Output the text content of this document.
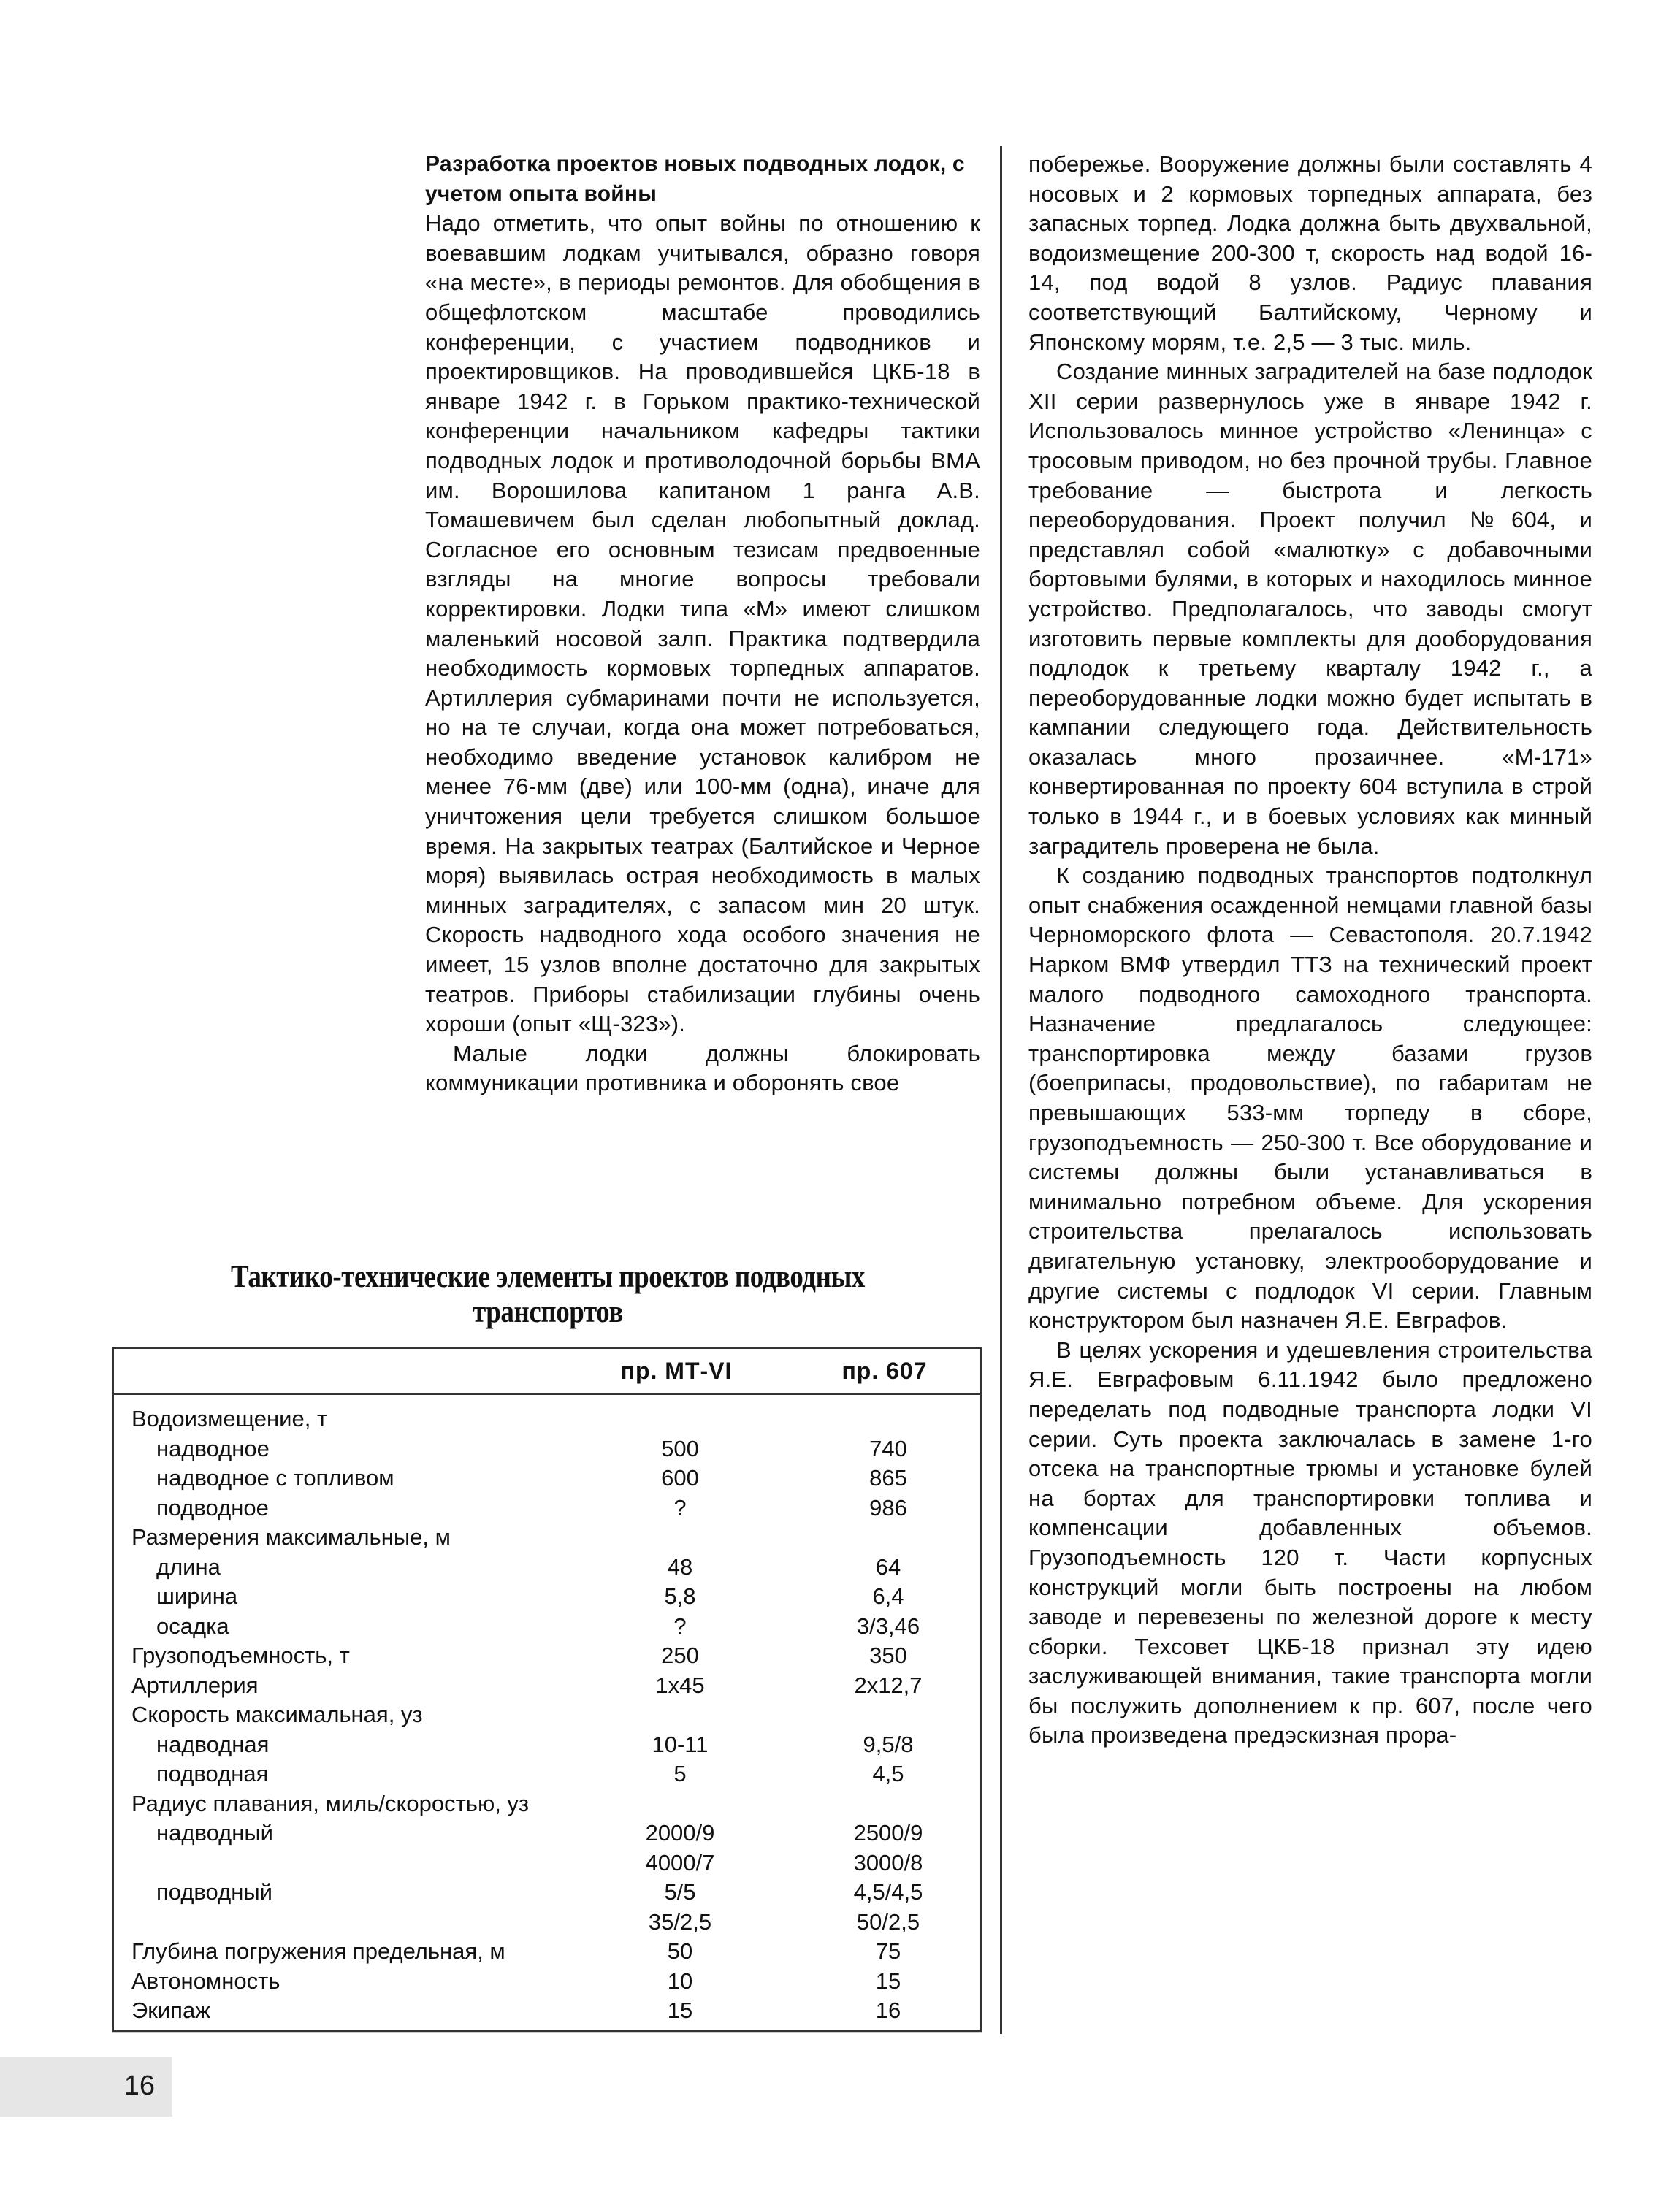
Разработка проектов новых подводных лодок, с учетом опыта войны

Надо отметить, что опыт войны по отношению к воевавшим лодкам учитывался, образно говоря «на месте», в периоды ремонтов. Для обобщения в общефлотском масштабе проводились конференции, с участием подводников и проектировщиков. На проводившейся ЦКБ-18 в январе 1942 г. в Горьком практико-технической конференции начальником кафедры тактики подводных лодок и противолодочной борьбы ВМА им. Ворошилова капитаном 1 ранга А.В. Томашевичем был сделан любопытный доклад. Согласное его основным тезисам предвоенные взгляды на многие вопросы требовали корректировки. Лодки типа «М» имеют слишком маленький носовой залп. Практика подтвердила необходимость кормовых торпедных аппаратов. Артиллерия субмаринами почти не используется, но на те случаи, когда она может потребоваться, необходимо введение установок калибром не менее 76-мм (две) или 100-мм (одна), иначе для уничтожения цели требуется слишком большое время. На закрытых театрах (Балтийское и Черное моря) выявилась острая необходимость в малых минных заградителях, с запасом мин 20 штук. Скорость надводного хода особого значения не имеет, 15 узлов вполне достаточно для закрытых театров. Приборы стабилизации глубины очень хороши (опыт «Щ-323»).

Малые лодки должны блокировать коммуникации противника и оборонять свое

побережье. Вооружение должны были составлять 4 носовых и 2 кормовых торпедных аппарата, без запасных торпед. Лодка должна быть двухвальной, водоизмещение 200-300 т, скорость над водой 16-14, под водой 8 узлов. Радиус плавания соответствующий Балтийскому, Черному и Японскому морям, т.е. 2,5 — 3 тыс. миль.

Создание минных заградителей на базе подлодок XII серии развернулось уже в январе 1942 г. Использовалось минное устройство «Ленинца» с тросовым приводом, но без прочной трубы. Главное требование — быстрота и легкость переоборудования. Проект получил №604, и представлял собой «малютку» с добавочными бортовыми булями, в которых и находилось минное устройство. Предполагалось, что заводы смогут изготовить первые комплекты для дооборудования подлодок к третьему кварталу 1942 г., а переоборудованные лодки можно будет испытать в кампании следующего года. Действительность оказалась много прозаичнее. «М-171» конвертированная по проекту 604 вступила в строй только в 1944 г., и в боевых условиях как минный заградитель проверена не была.

К созданию подводных транспортов подтолкнул опыт снабжения осажденной немцами главной базы Черноморского флота — Севастополя. 20.7.1942 Нарком ВМФ утвердил ТТЗ на технический проект малого подводного самоходного транспорта. Назначение предлагалось следующее: транспортировка между базами грузов (боеприпасы, продовольствие), по габаритам не превышающих 533-мм торпеду в сборе, грузоподъемность — 250-300 т. Все оборудование и системы должны были устанавливаться в минимально потребном объеме. Для ускорения строительства прелагалось использовать двигательную установку, электрооборудование и другие системы с подлодок VI серии. Главным конструктором был назначен Я.Е. Евграфов.

В целях ускорения и удешевления строительства Я.Е. Евграфовым 6.11.1942 было предложено переделать под подводные транспорта лодки VI серии. Суть проекта заключалась в замене 1-го отсека на транспортные трюмы и установке булей на бортах для транспортировки топлива и компенсации добавленных объемов. Грузоподъемность 120 т. Части корпусных конструкций могли быть построены на любом заводе и перевезены по железной дороге к месту сборки. Техсовет ЦКБ-18 признал эту идею заслуживающей внимания, такие транспорта могли бы послужить дополнением к пр. 607, после чего была произведена предэскизная прора-

Тактико-технические элементы проектов подводных транспортов
пр. МТ-VI	пр. 607
Водоизмещение, т
надводное	500	740
надводное с топливом	600	865
подводное	?	986
Размерения максимальные, м
длина	48	64
ширина	5,8	6,4
осадка	?	3/3,46
Грузоподъемность, т	250	350
Артиллерия	1x45	2x12,7
Скорость максимальная, уз
надводная	10-11	9,5/8
подводная	5	4,5
Радиус плавания, миль/скоростью, уз
надводный	2000/9	2500/9
4000/7	3000/8
подводный	5/5	4,5/4,5
35/2,5	50/2,5
Глубина погружения предельная, м	50	75
Автономность	10	15
Экипаж	15	16
16
